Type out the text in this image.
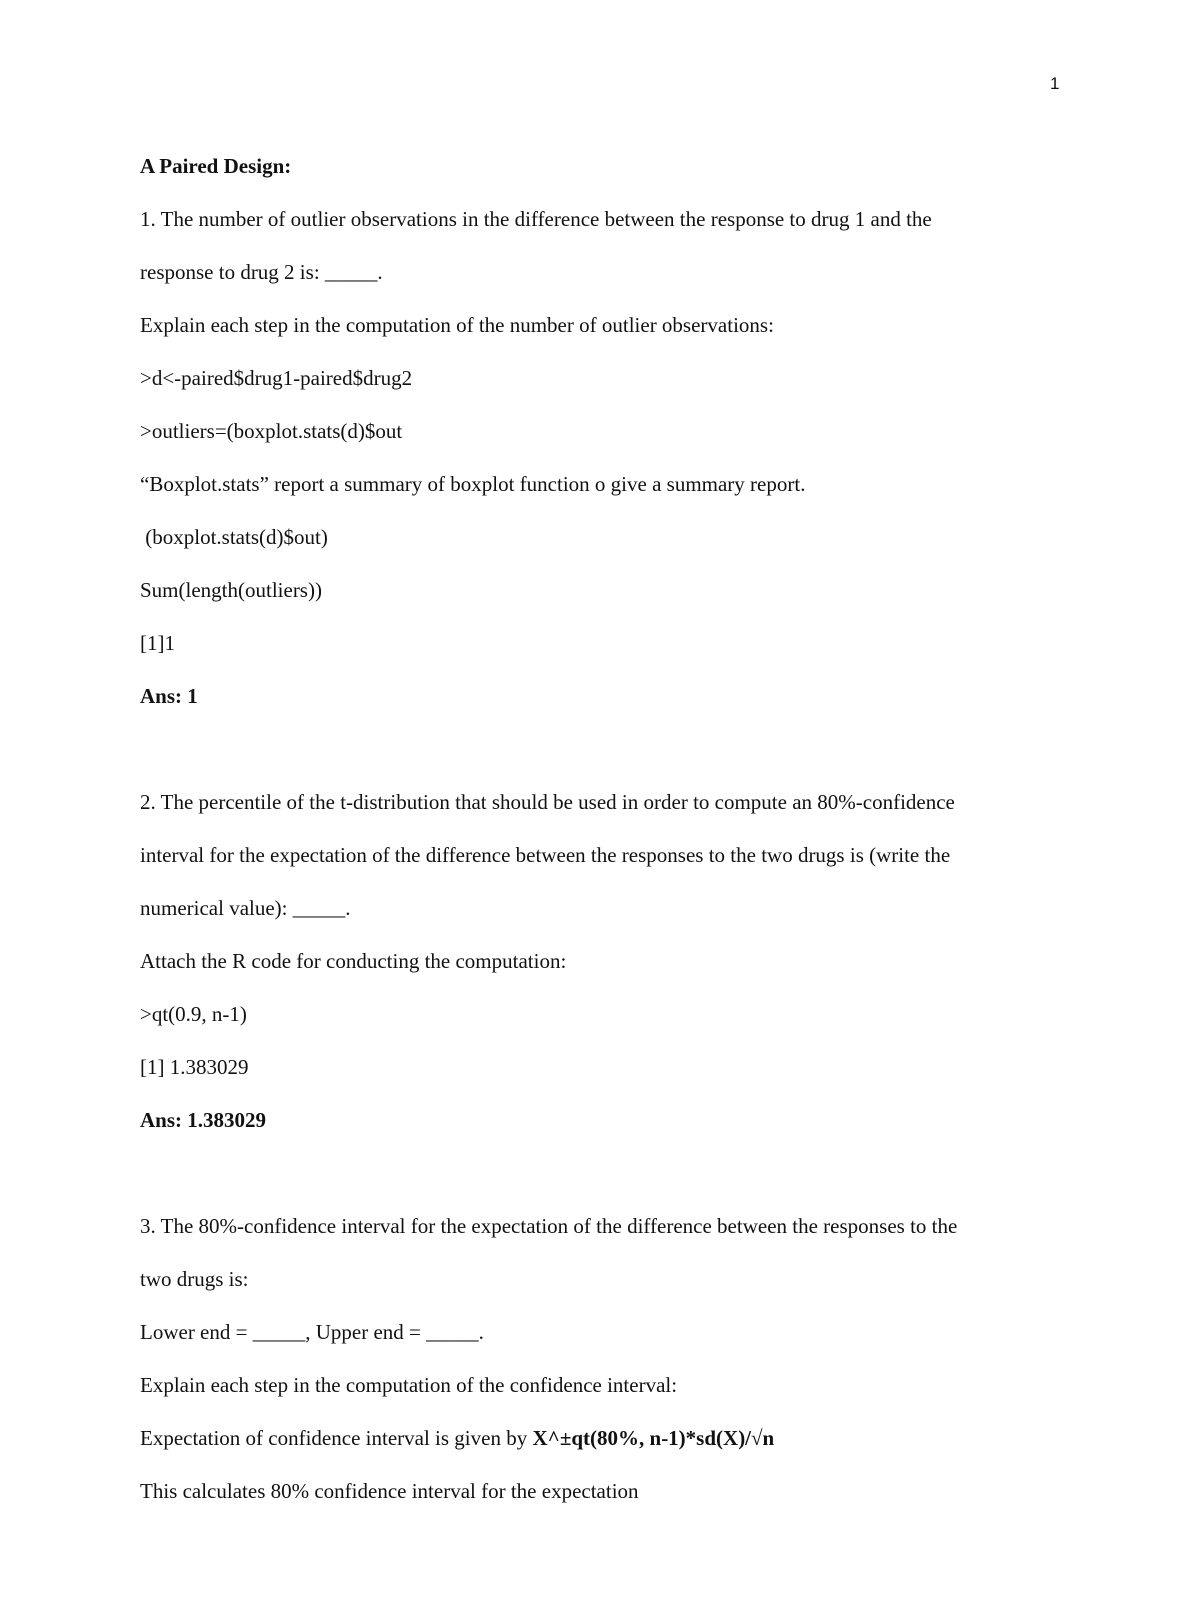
1
A Paired Design:
1. The number of outlier observations in the difference between the response to drug 1 and the
response to drug 2 is: _____.
Explain each step in the computation of the number of outlier observations:
>d<-paired$drug1-paired$drug2
>outliers=(boxplot.stats(d)$out
“Boxplot.stats” report a summary of boxplot function o give a summary report.
(boxplot.stats(d)$out)
Sum(length(outliers))
[1]1
Ans: 1
2. The percentile of the t-distribution that should be used in order to compute an 80%-confidence
interval for the expectation of the difference between the responses to the two drugs is (write the
numerical value): _____.
Attach the R code for conducting the computation:
>qt(0.9, n-1)
[1] 1.383029
Ans: 1.383029
3. The 80%-confidence interval for the expectation of the difference between the responses to the
two drugs is:
Lower end = _____, Upper end = _____.
Explain each step in the computation of the confidence interval:
Expectation of confidence interval is given by X^±qt(80%, n-1)*sd(X)/√n
This calculates 80% confidence interval for the expectation
